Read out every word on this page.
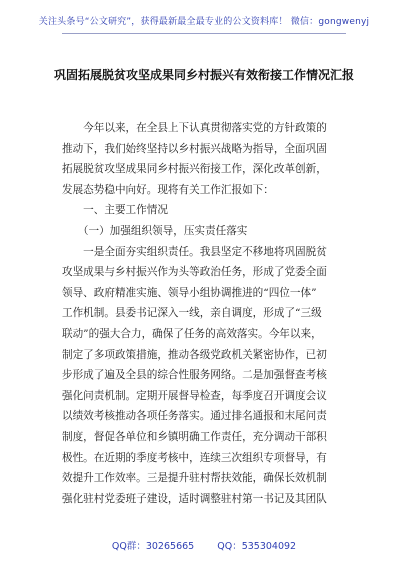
关注头条号“公文研究”，获得最新最全最专业的公文资料库！ 微信：gongwenyj
巩固拓展脱贫攻坚成果同乡村振兴有效衔接工作情况汇报
　　今年以来，在全县上下认真贯彻落实党的方针政策的
推动下，我们始终坚持以乡村振兴战略为指导，全面巩固
拓展脱贫攻坚成果同乡村振兴衔接工作，深化改革创新，
发展态势稳中向好。现将有关工作汇报如下：
　　一、主要工作情况
　　（一）加强组织领导，压实责任落实
　　一是全面夯实组织责任。我县坚定不移地将巩固脱贫
攻坚成果与乡村振兴作为头等政治任务，形成了党委全面
领导、政府精准实施、领导小组协调推进的“四位一体”
工作机制。县委书记深入一线，亲自调度，形成了“三级
联动”的强大合力，确保了任务的高效落实。今年以来，
制定了多项政策措施，推动各级党政机关紧密协作，已初
步形成了遍及全县的综合性服务网络。二是加强督查考核
强化问责机制。定期开展督导检查，每季度召开调度会议
以绩效考核推动各项任务落实。通过排名通报和末尾问责
制度，督促各单位和乡镇明确工作责任，充分调动干部积
极性。在近期的季度考核中，连续三次组织专项督导，有
效提升工作效率。三是提升驻村帮扶效能，确保长效机制
强化驻村党委班子建设，适时调整驻村第一书记及其团队
QQ群：30265665 QQ：535304092
